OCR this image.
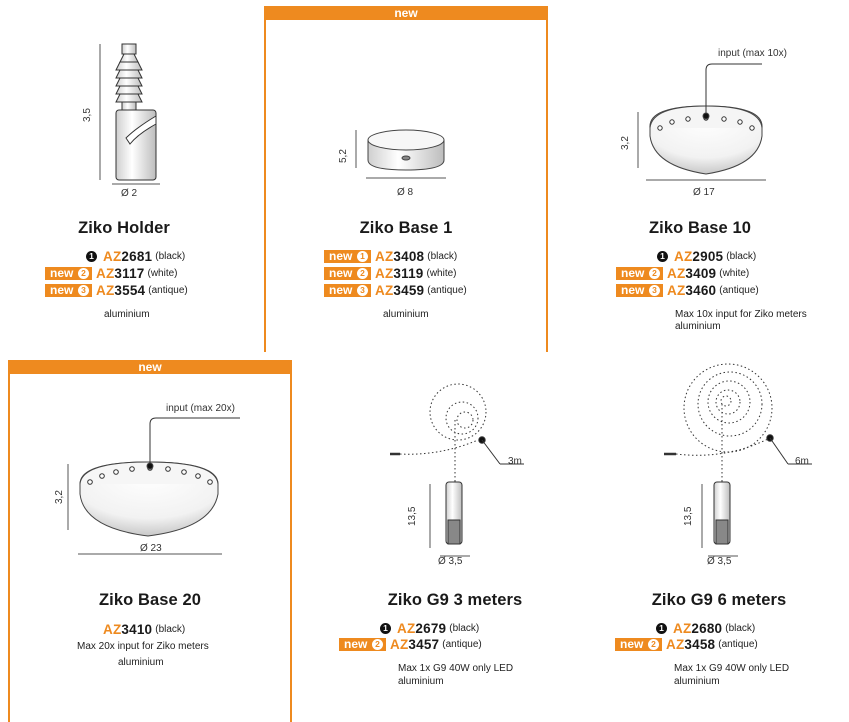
new
new
3,5
Ø 2
5,2
Ø 8
input (max 10x)
3,2
Ø 17
input (max 20x)
3,2
Ø 23
3m
13,5
Ø 3,5
6m
13,5
Ø 3,5
Ziko Holder	Ziko Base 1	Ziko Base 10
Ziko Base 20	Ziko G9 3 meters	Ziko G9 6 meters
1 AZ 2681 (black)
new 2 AZ 3117 (white)
new 3 AZ 3554 (antique)
aluminium
new 1 AZ 3408 (black)
new 2 AZ 3119 (white)
new 3 AZ 3459 (antique)
aluminium
1 AZ 2905 (black)
new 2 AZ 3409 (white)
new 3 AZ 3460 (antique)
Max 10x input for Ziko meters
aluminium
AZ 3410 (black)
Max 20x input for Ziko meters
aluminium
1 AZ 2679 (black)
new 2 AZ 3457 (antique)
Max 1x G9 40W only LED
aluminium
1 AZ 2680 (black)
new 2 AZ 3458 (antique)
Max 1x G9 40W only LED
aluminium
